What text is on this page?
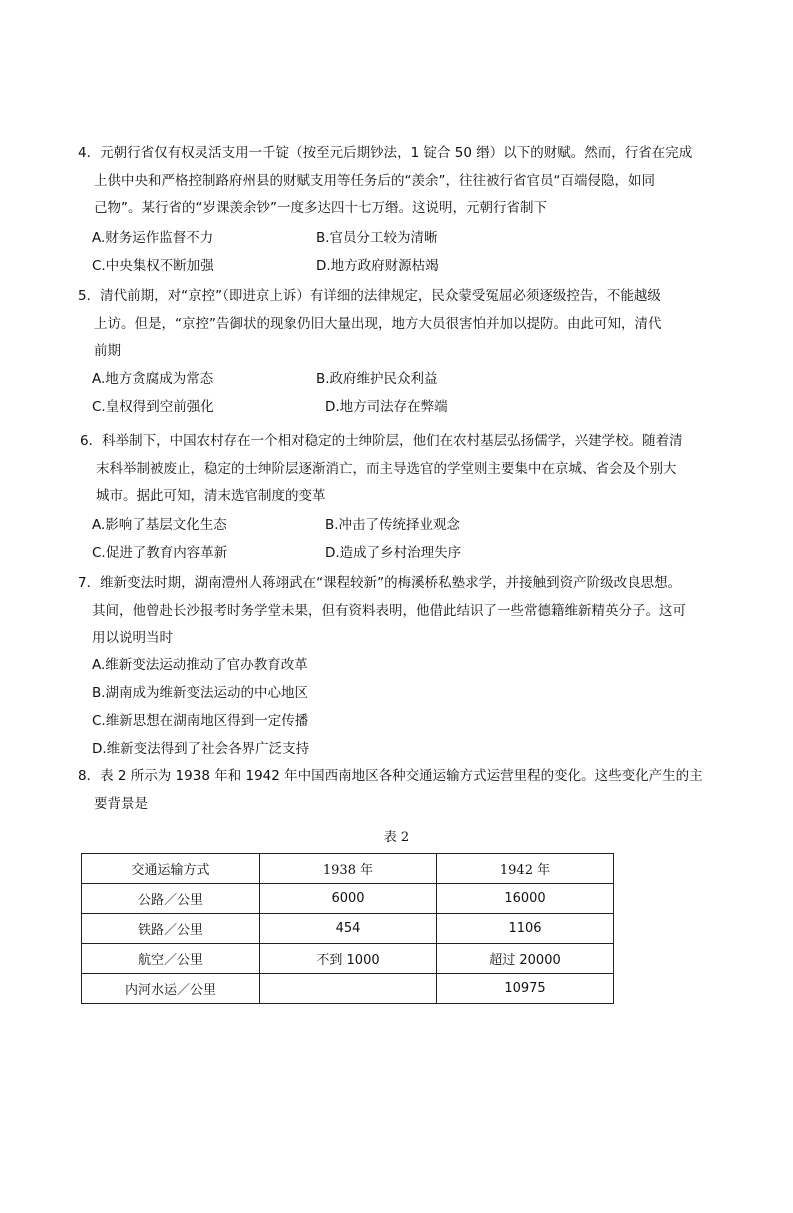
4．元朝行省仅有权灵活支用一千锭（按至元后期钞法，1 锭合 50 缗）以下的财赋。然而，行省在完成
上供中央和严格控制路府州县的财赋支用等任务后的“羡余”，往往被行省官员“百端侵隐，如同
己物”。某行省的“岁课羡余钞”一度多达四十七万缗。这说明，元朝行省制下
A.财务运作监督不力	B.官员分工较为清晰
C.中央集权不断加强	D.地方政府财源枯竭
5．清代前期，对“京控”（即进京上诉）有详细的法律规定，民众蒙受冤屈必须逐级控告，不能越级
上访。但是，“京控”告御状的现象仍旧大量出现，地方大员很害怕并加以提防。由此可知，清代
前期
A.地方贪腐成为常态	B.政府维护民众利益
C.皇权得到空前强化	D.地方司法存在弊端
6．科举制下，中国农村存在一个相对稳定的士绅阶层，他们在农村基层弘扬儒学，兴建学校。随着清
末科举制被废止，稳定的士绅阶层逐渐消亡，而主导选官的学堂则主要集中在京城、省会及个别大
城市。据此可知，清末选官制度的变革
A.影响了基层文化生态	B.冲击了传统择业观念
C.促进了教育内容革新	D.造成了乡村治理失序
7．维新变法时期，湖南澧州人蒋翊武在“课程较新”的梅溪桥私塾求学，并接触到资产阶级改良思想。
其间，他曾赴长沙报考时务学堂未果，但有资料表明，他借此结识了一些常德籍维新精英分子。这可
用以说明当时
A.维新变法运动推动了官办教育改革
B.湖南成为维新变法运动的中心地区
C.维新思想在湖南地区得到一定传播
D.维新变法得到了社会各界广泛支持
8．表 2 所示为 1938 年和 1942 年中国西南地区各种交通运输方式运营里程的变化。这些变化产生的主
要背景是
表 2
交通运输方式	1938 年	1942 年
公路／公里	6000	16000
铁路／公里	454	1106
航空／公里	不到 1000	超过 20000
内河水运／公里		10975
